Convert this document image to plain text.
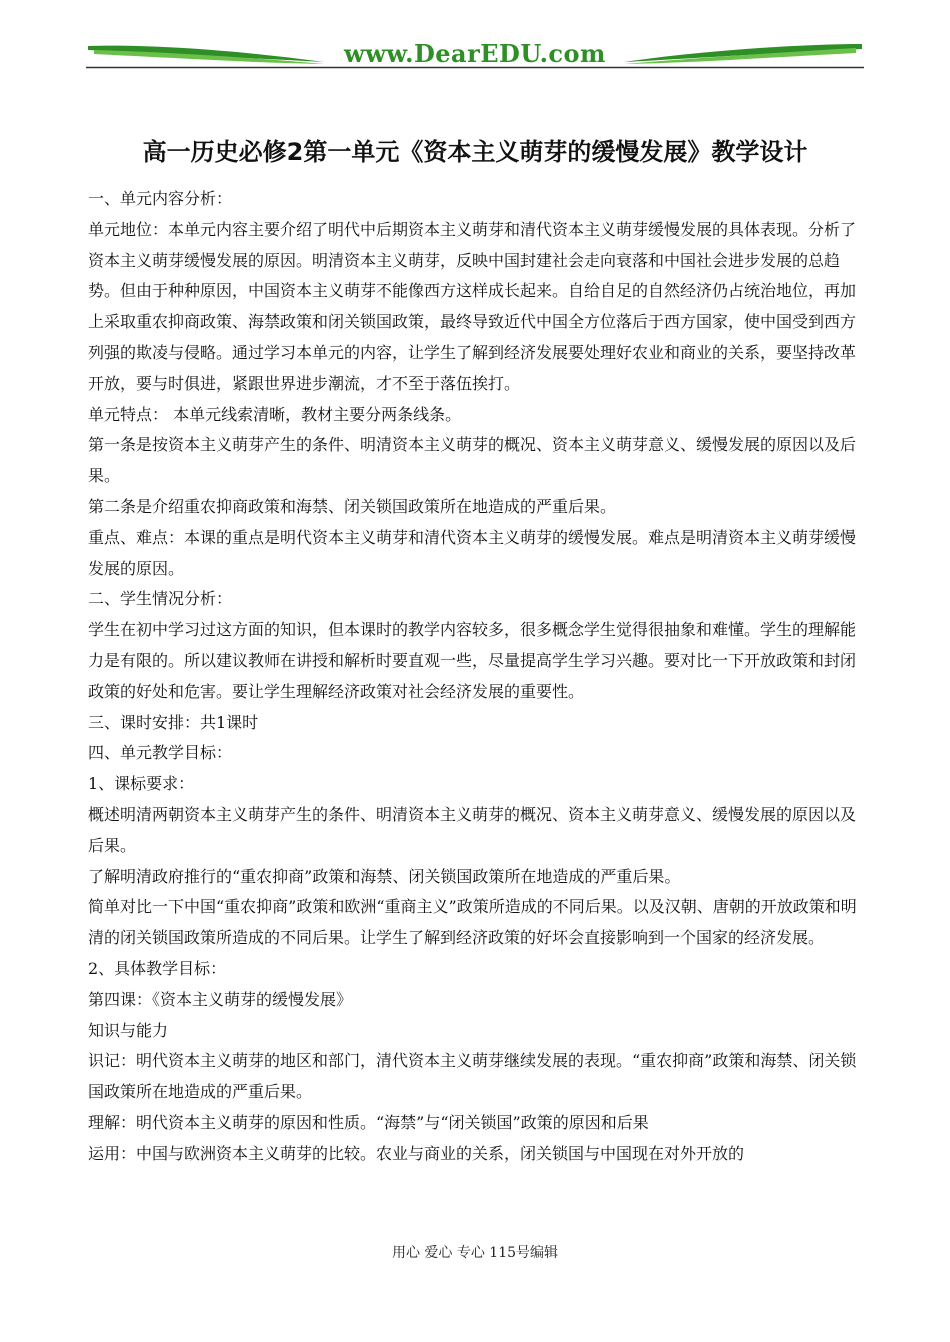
www.DearEDU.com
高一历史必修2第一单元《资本主义萌芽的缓慢发展》教学设计

一、单元内容分析：

单元地位：本单元内容主要介绍了明代中后期资本主义萌芽和清代资本主义萌芽缓慢发展的具体表现。分析了资本主义萌芽缓慢发展的原因。明清资本主义萌芽，反映中国封建社会走向衰落和中国社会进步发展的总趋势。但由于种种原因，中国资本主义萌芽不能像西方这样成长起来。自给自足的自然经济仍占统治地位，再加上采取重农抑商政策、海禁政策和闭关锁国政策，最终导致近代中国全方位落后于西方国家，使中国受到西方列强的欺凌与侵略。通过学习本单元的内容，让学生了解到经济发展要处理好农业和商业的关系，要坚持改革开放，要与时俱进，紧跟世界进步潮流，才不至于落伍挨打。

单元特点： 本单元线索清晰，教材主要分两条线条。

第一条是按资本主义萌芽产生的条件、明清资本主义萌芽的概况、资本主义萌芽意义、缓慢发展的原因以及后果。

第二条是介绍重农抑商政策和海禁、闭关锁国政策所在地造成的严重后果。

重点、难点：本课的重点是明代资本主义萌芽和清代资本主义萌芽的缓慢发展。难点是明清资本主义萌芽缓慢发展的原因。

二、学生情况分析：

学生在初中学习过这方面的知识，但本课时的教学内容较多，很多概念学生觉得很抽象和难懂。学生的理解能力是有限的。所以建议教师在讲授和解析时要直观一些，尽量提高学生学习兴趣。要对比一下开放政策和封闭政策的好处和危害。要让学生理解经济政策对社会经济发展的重要性。

三、课时安排：共1课时

四、单元教学目标：

1、课标要求：

概述明清两朝资本主义萌芽产生的条件、明清资本主义萌芽的概况、资本主义萌芽意义、缓慢发展的原因以及后果。

了解明清政府推行的“重农抑商”政策和海禁、闭关锁国政策所在地造成的严重后果。

简单对比一下中国“重农抑商”政策和欧洲“重商主义”政策所造成的不同后果。以及汉朝、唐朝的开放政策和明清的闭关锁国政策所造成的不同后果。让学生了解到经济政策的好坏会直接影响到一个国家的经济发展。

2、具体教学目标：

第四课：《资本主义萌芽的缓慢发展》

知识与能力

识记：明代资本主义萌芽的地区和部门，清代资本主义萌芽继续发展的表现。“重农抑商”政策和海禁、闭关锁国政策所在地造成的严重后果。

理解：明代资本主义萌芽的原因和性质。“海禁”与“闭关锁国”政策的原因和后果

运用：中国与欧洲资本主义萌芽的比较。农业与商业的关系，闭关锁国与中国现在对外开放的

用心 爱心 专心 115号编辑
